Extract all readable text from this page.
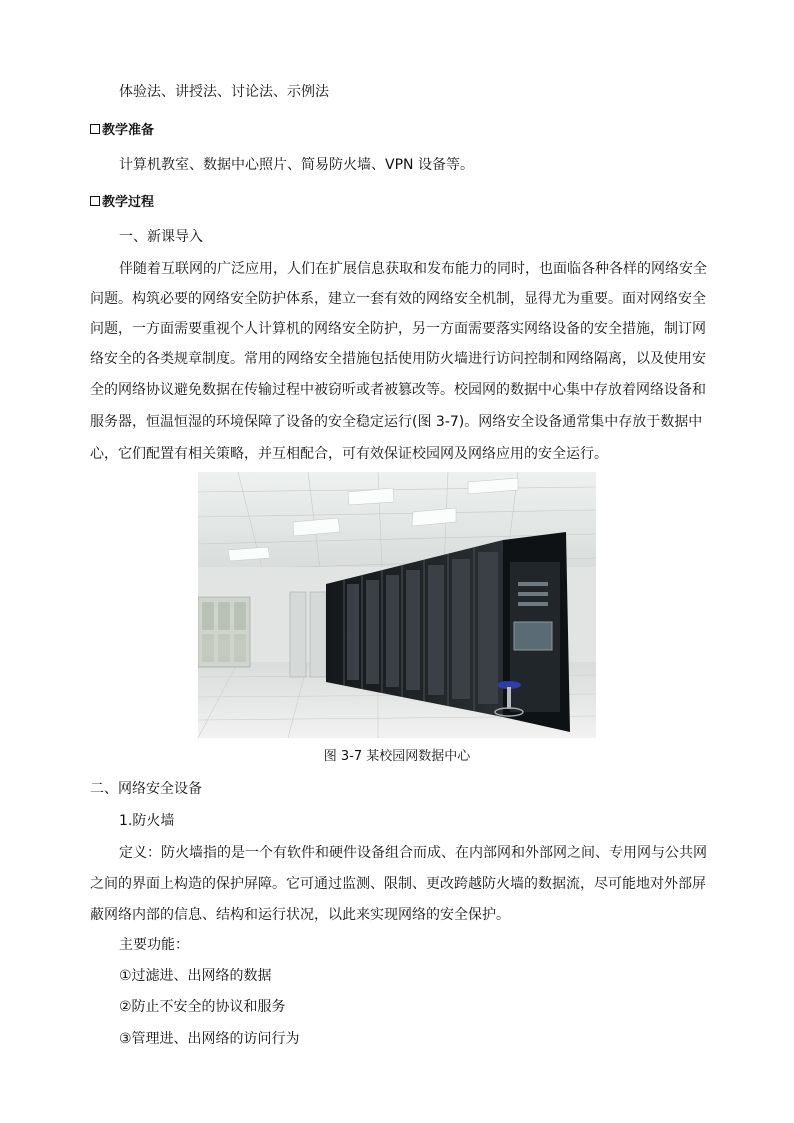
体验法、讲授法、讨论法、示例法
教学准备
计算机教室、数据中心照片、简易防火墙、VPN 设备等。
教学过程
一、新课导入
伴随着互联网的广泛应用，人们在扩展信息获取和发布能力的同时，也面临各种各样的网络安全
问题。构筑必要的网络安全防护体系，建立一套有效的网络安全机制，显得尤为重要。面对网络安全
问题，一方面需要重视个人计算机的网络安全防护，另一方面需要落实网络设备的安全措施，制订网
络安全的各类规章制度。常用的网络安全措施包括使用防火墙进行访问控制和网络隔离，以及使用安
全的网络协议避免数据在传输过程中被窃听或者被篡改等。校园网的数据中心集中存放着网络设备和
服务器，恒温恒湿的环境保障了设备的安全稳定运行(图 3-7)。网络安全设备通常集中存放于数据中
心，它们配置有相关策略，并互相配合，可有效保证校园网及网络应用的安全运行。
图 3-7 某校园网数据中心
二、网络安全设备
1.防火墙
定义：防火墙指的是一个有软件和硬件设备组合而成、在内部网和外部网之间、专用网与公共网
之间的界面上构造的保护屏障。它可通过监测、限制、更改跨越防火墙的数据流，尽可能地对外部屏
蔽网络内部的信息、结构和运行状况，以此来实现网络的安全保护。
主要功能：
①过滤进、出网络的数据
②防止不安全的协议和服务
③管理进、出网络的访问行为
